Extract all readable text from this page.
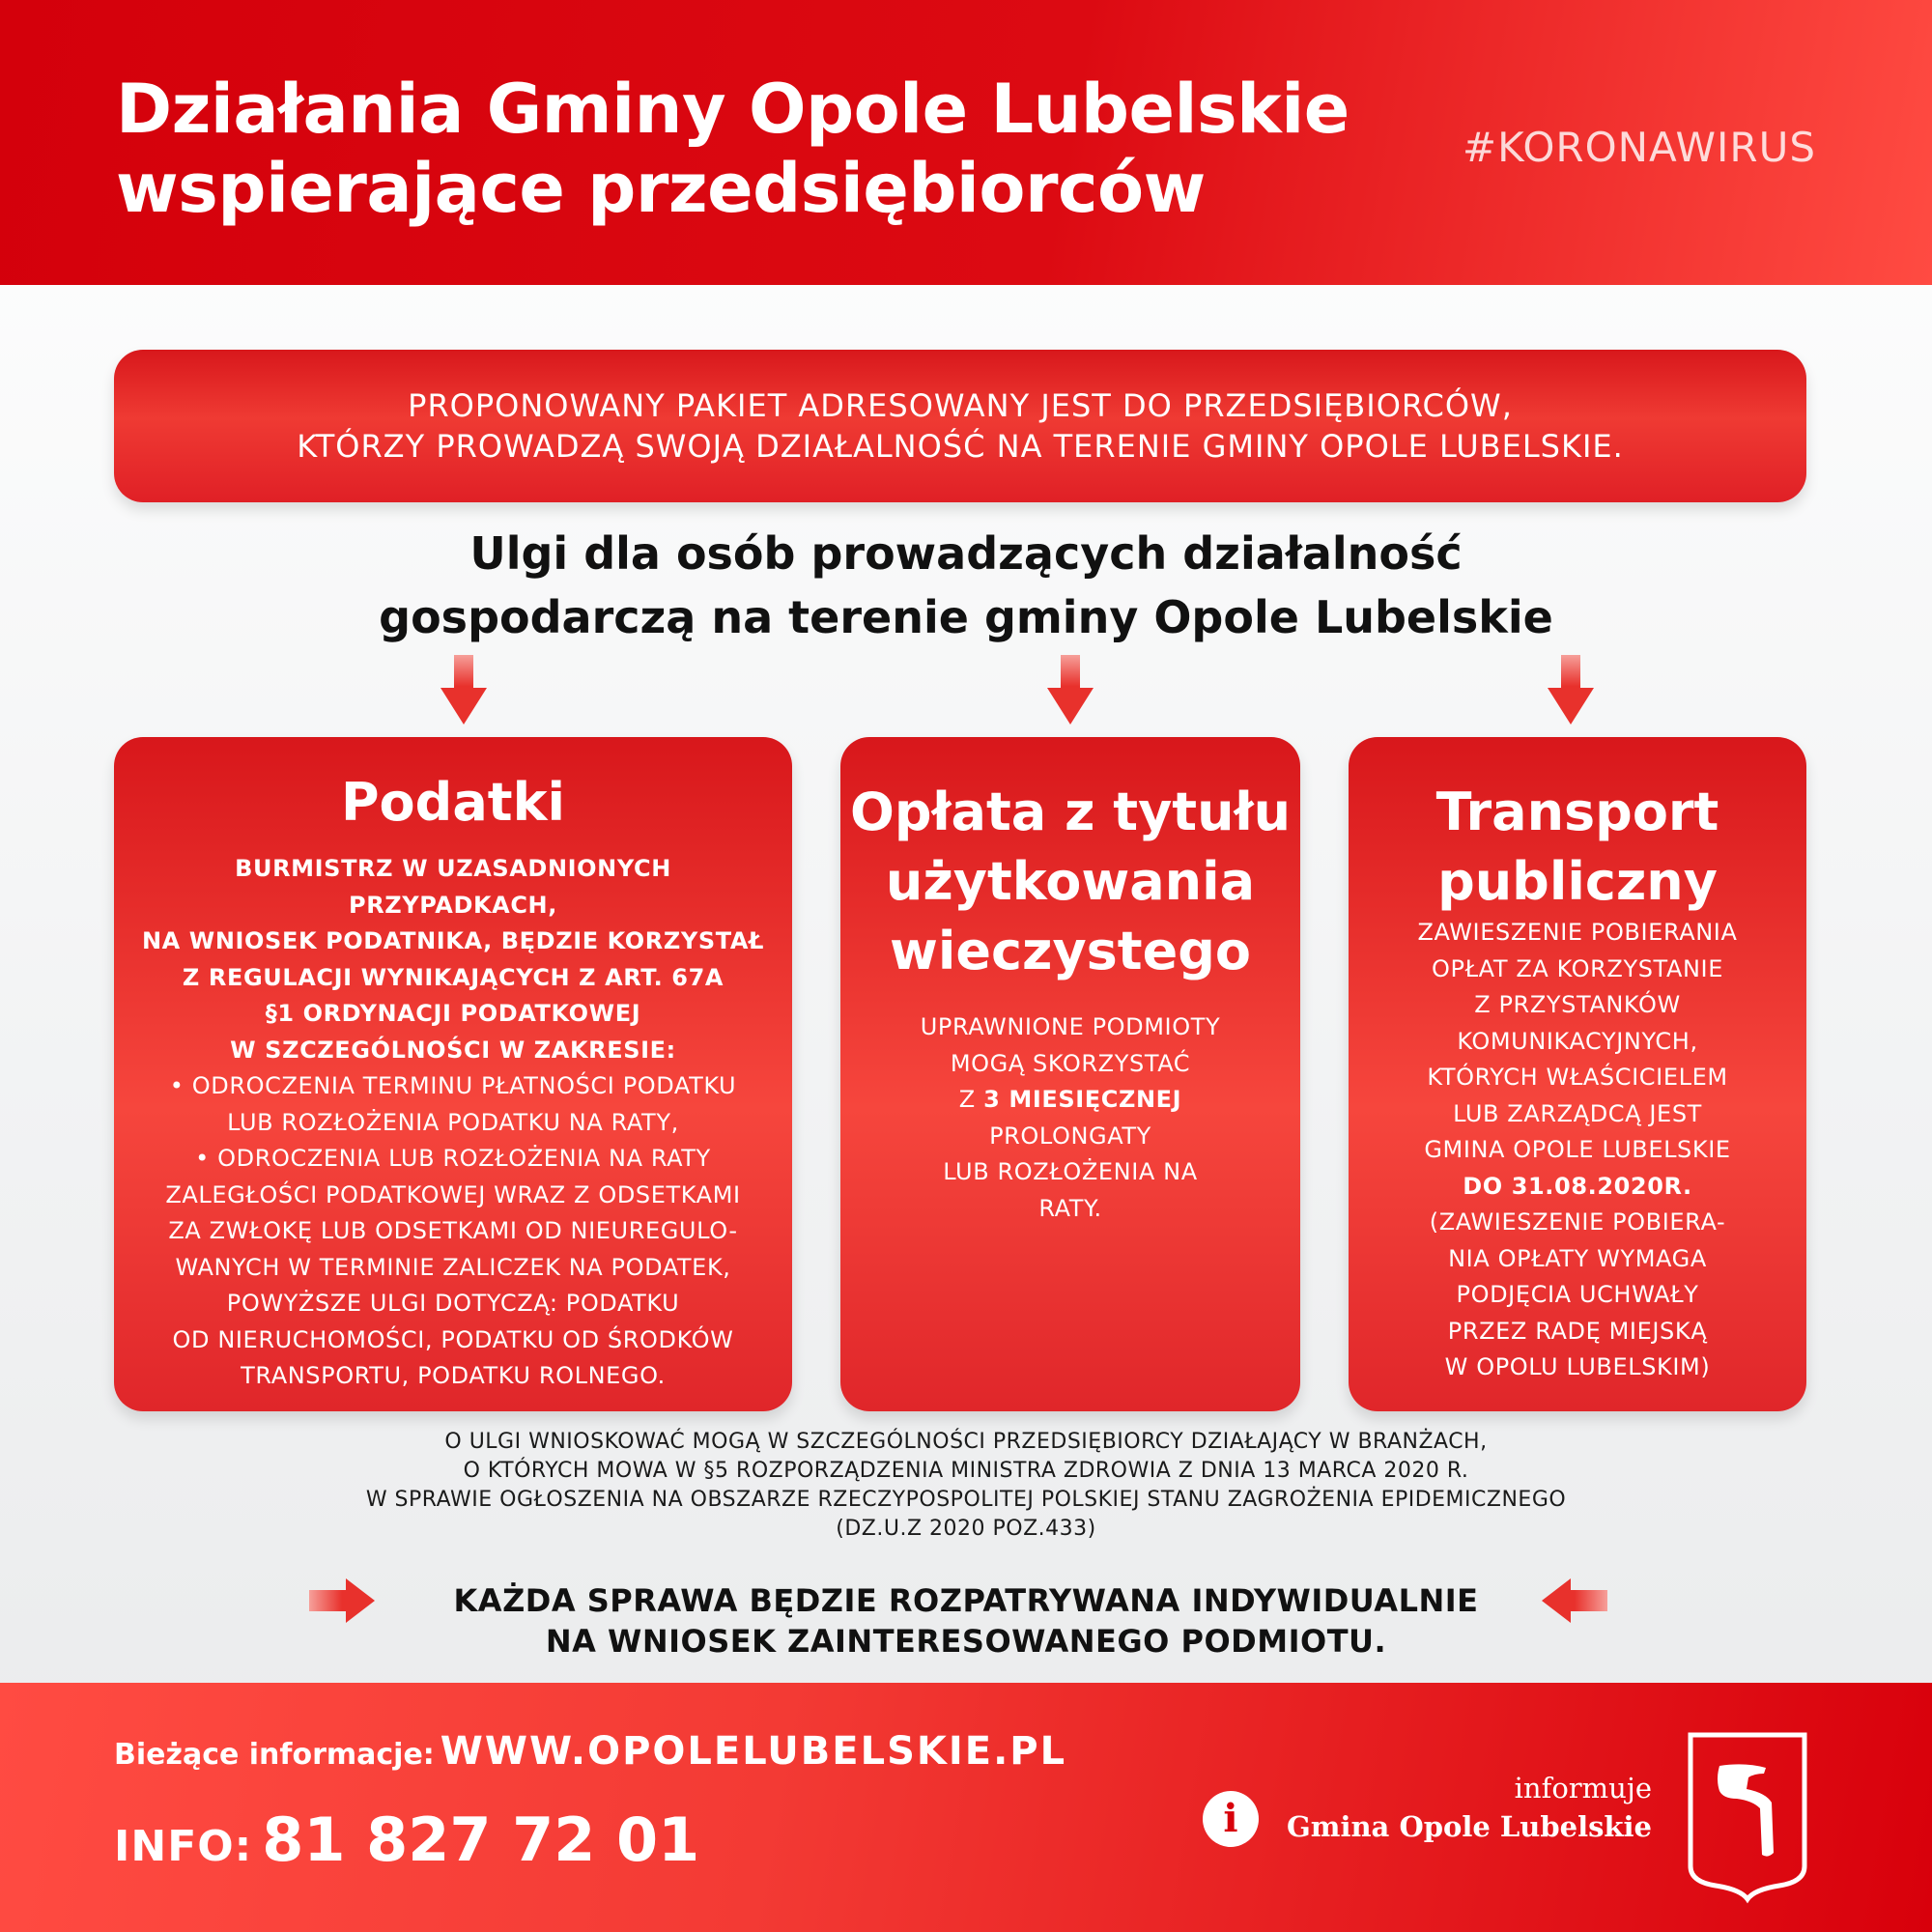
Działania Gminy Opole Lubelskie
wspierające przedsiębiorców
#KORONAWIRUS
PROPONOWANY PAKIET ADRESOWANY JEST DO PRZEDSIĘBIORCÓW,
KTÓRZY PROWADZĄ SWOJĄ DZIAŁALNOŚĆ NA TERENIE GMINY OPOLE LUBELSKIE.
Ulgi dla osób prowadzących działalność
gospodarczą na terenie gminy Opole Lubelskie
Podatki
BURMISTRZ W UZASADNIONYCH PRZYPADKACH,
NA WNIOSEK PODATNIKA, BĘDZIE KORZYSTAŁ
Z REGULACJI WYNIKAJĄCYCH Z ART. 67A
§1 ORDYNACJI PODATKOWEJ
W SZCZEGÓLNOŚCI W ZAKRESIE:
• ODROCZENIA TERMINU PŁATNOŚCI PODATKU
LUB ROZŁOŻENIA PODATKU NA RATY,
• ODROCZENIA LUB ROZŁOŻENIA NA RATY
ZALEGŁOŚCI PODATKOWEJ WRAZ Z ODSETKAMI
ZA ZWŁOKĘ LUB ODSETKAMI OD NIEUREGULO-
WANYCH W TERMINIE ZALICZEK NA PODATEK,
POWYŻSZE ULGI DOTYCZĄ: PODATKU
OD NIERUCHOMOŚCI, PODATKU OD ŚRODKÓW
TRANSPORTU, PODATKU ROLNEGO.
Opłata z tytułu
użytkowania
wieczystego
UPRAWNIONE PODMIOTY
MOGĄ SKORZYSTAĆ
Z 3 MIESIĘCZNEJ
PROLONGATY
LUB ROZŁOŻENIA NA
RATY.
Transport
publiczny
ZAWIESZENIE POBIERANIA
OPŁAT ZA KORZYSTANIE
Z PRZYSTANKÓW
KOMUNIKACYJNYCH,
KTÓRYCH WŁAŚCICIELEM
LUB ZARZĄDCĄ JEST
GMINA OPOLE LUBELSKIE
DO 31.08.2020R.
(ZAWIESZENIE POBIERA-
NIA OPŁATY WYMAGA
PODJĘCIA UCHWAŁY
PRZEZ RADĘ MIEJSKĄ
W OPOLU LUBELSKIM)
O ULGI WNIOSKOWAĆ MOGĄ W SZCZEGÓLNOŚCI PRZEDSIĘBIORCY DZIAŁAJĄCY W BRANŻACH,
O KTÓRYCH MOWA W §5 ROZPORZĄDZENIA MINISTRA ZDROWIA Z DNIA 13 MARCA 2020 R.
W SPRAWIE OGŁOSZENIA NA OBSZARZE RZECZYPOSPOLITEJ POLSKIEJ STANU ZAGROŻENIA EPIDEMICZNEGO
(DZ.U.Z 2020 POZ.433)
KAŻDA SPRAWA BĘDZIE ROZPATRYWANA INDYWIDUALNIE
NA WNIOSEK ZAINTERESOWANEGO PODMIOTU.
Bieżące informacje: WWW.OPOLELUBELSKIE.PL
INFO: 81 827 72 01	i
informuje
Gmina Opole Lubelskie
